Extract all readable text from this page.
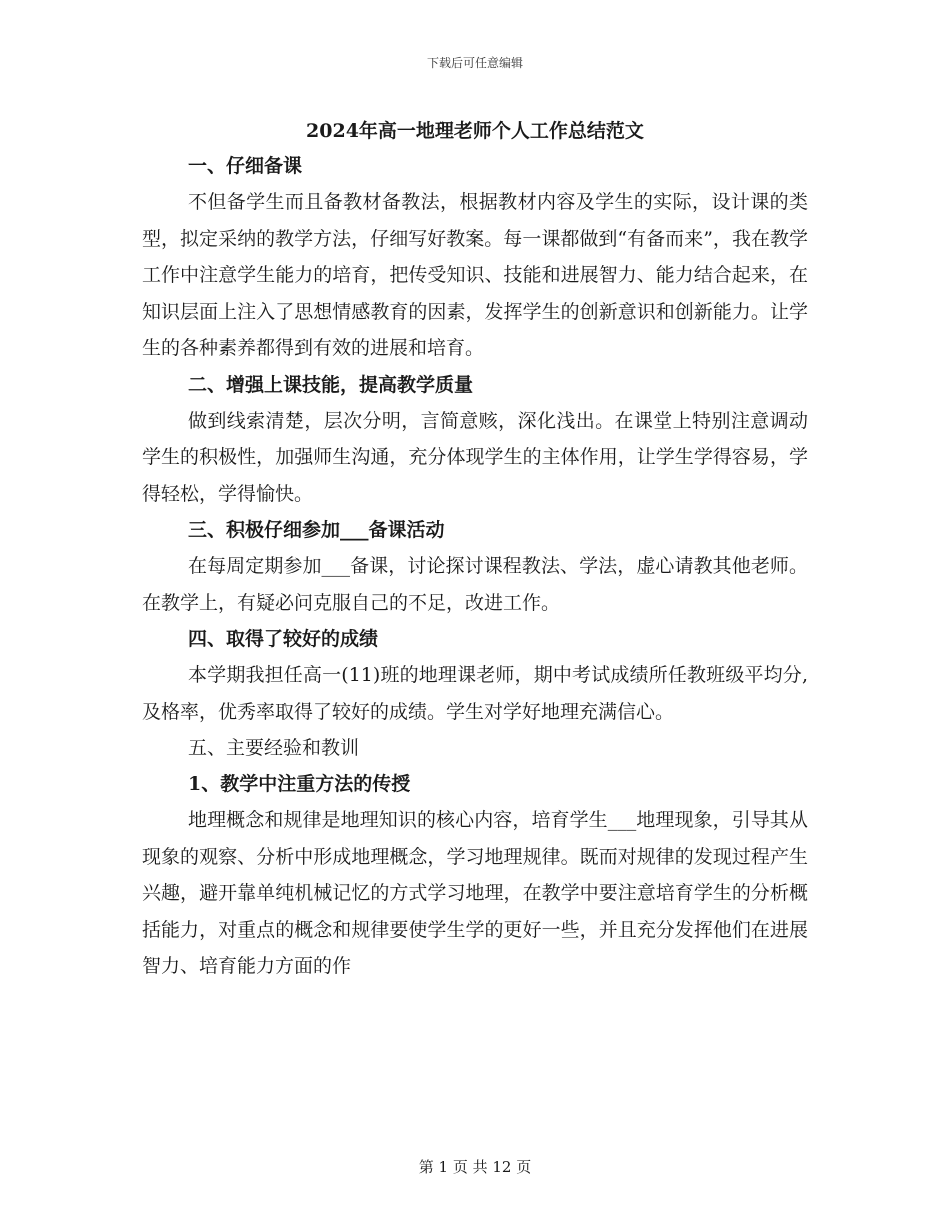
下载后可任意编辑
2024年高一地理老师个人工作总结范文

一、仔细备课

不但备学生而且备教材备教法，根据教材内容及学生的实际，设计课的类型，拟定采纳的教学方法，仔细写好教案。每一课都做到“有备而来”，我在教学工作中注意学生能力的培育，把传受知识、技能和进展智力、能力结合起来，在知识层面上注入了思想情感教育的因素，发挥学生的创新意识和创新能力。让学生的各种素养都得到有效的进展和培育。

二、增强上课技能，提高教学质量

做到线索清楚，层次分明，言简意赅，深化浅出。在课堂上特别注意调动学生的积极性，加强师生沟通，充分体现学生的主体作用，让学生学得容易，学得轻松，学得愉快。

三、积极仔细参加___备课活动

在每周定期参加___备课，讨论探讨课程教法、学法，虚心请教其他老师。在教学上，有疑必问克服自己的不足，改进工作。

四、取得了较好的成绩

本学期我担任高一(11)班的地理课老师，期中考试成绩所任教班级平均分,及格率，优秀率取得了较好的成绩。学生对学好地理充满信心。

五、主要经验和教训

1、教学中注重方法的传授

地理概念和规律是地理知识的核心内容，培育学生___地理现象，引导其从现象的观察、分析中形成地理概念，学习地理规律。既而对规律的发现过程产生兴趣，避开靠单纯机械记忆的方式学习地理，在教学中要注意培育学生的分析概括能力，对重点的概念和规律要使学生学的更好一些，并且充分发挥他们在进展智力、培育能力方面的作

第 1 页 共 12 页
